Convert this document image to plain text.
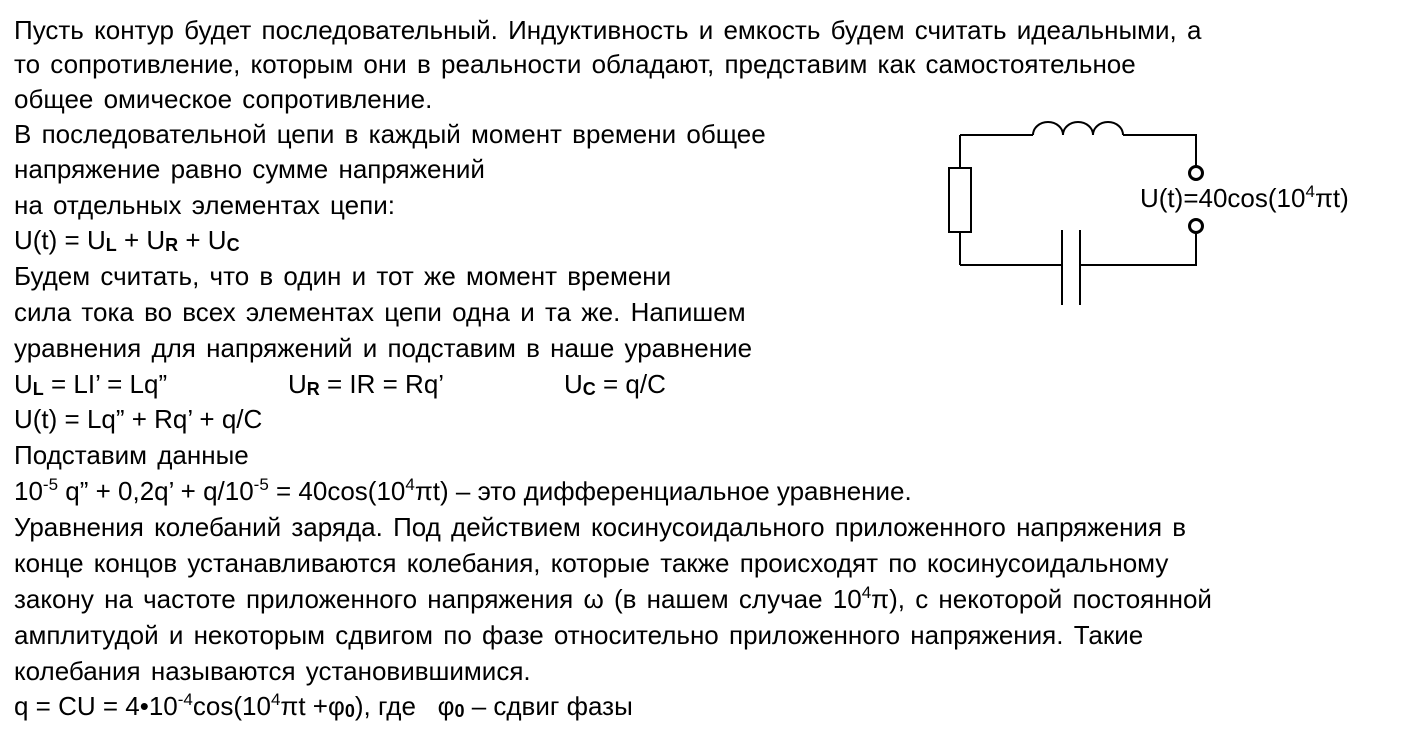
Пусть контур будет последовательный. Индуктивность и емкость будем считать идеальными, а
то сопротивление, которым они в реальности обладают, представим как самостоятельное
общее омическое сопротивление.
В последовательной цепи в каждый момент времени общее
напряжение равно сумме напряжений
на отдельных элементах цепи:
$U(t) = U_L + U_R + U_C$
Будем считать, что в один и тот же момент времени
сила тока во всех элементах цепи одна и та же. Напишем
уравнения для напряжений и подставим в наше уравнение
$U_L$ = LI’ = Lq”	$U_R$ = IR = Rq’	$U_C = q/C$
U(t) = Lq” + Rq’ + q/C
Подставим данные
$10^{-5}$ q” + 0,2q’ + $q/10^{-5} = 40\cos(10^4\pi t)$ – это дифференциальное уравнение.
Уравнения колебаний заряда. Под действием косинусоидального приложенного напряжения в
конце концов устанавливаются колебания, которые также происходят по косинусоидальному
закону на частоте приложенного напряжения ω (в нашем случае $10^4\pi$), с некоторой постоянной
амплитудой и некоторым сдвигом по фазе относительно приложенного напряжения. Такие
колебания называются установившимися.
q = CU = $4•10^{-4}\cos(10^4\pi t +\varphi_0)$, где   $\varphi_0$ – сдвиг фазы
$U(t)=40\cos(10^4\pi t)$
